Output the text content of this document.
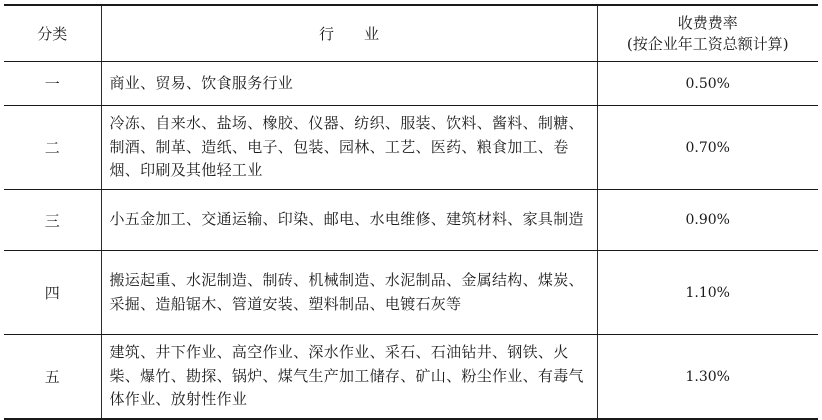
分类	行业	收费费率
(按企业年工资总额计算)

一	商业、贸易、饮食服务行业	0.50%
二	冷冻、自来水、盐场、橡胶、仪器、纺织、服装、饮料、酱料、制糖、制酒、制革、造纸、电子、包装、园林、工艺、医药、粮食加工、卷烟、印刷及其他轻工业	0.70%
三	小五金加工、交通运输、印染、邮电、水电维修、建筑材料、家具制造	0.90%
四	搬运起重、水泥制造、制砖、机械制造、水泥制品、金属结构、煤炭、采掘、造船锯木、管道安装、塑料制品、电镀石灰等	1.10%
五	建筑、井下作业、高空作业、深水作业、采石、石油钻井、钢铁、火柴、爆竹、勘探、锅炉、煤气生产加工储存、矿山、粉尘作业、有毒气体作业、放射性作业	1.30%
